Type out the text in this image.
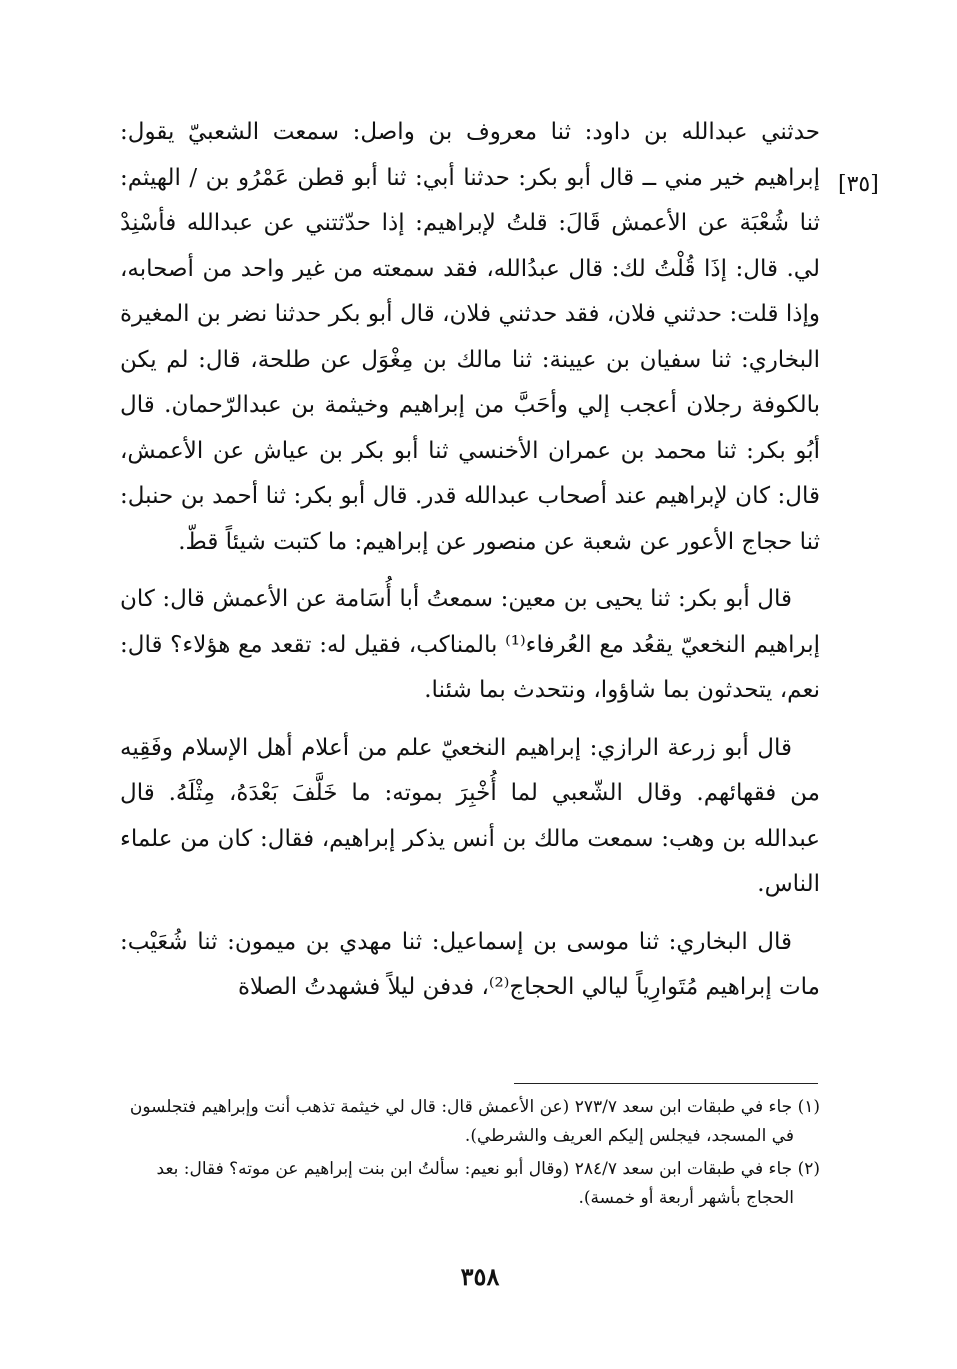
[٣٥]

حدثني عبدالله بن داود: ثنا معروف بن واصل: سمعت الشعبيّ يقول: إبراهيم خير مني ــ قال أبو بكر: حدثنا أبي: ثنا أبو قطن عَمْرُو بن / الهيثم: ثنا شُعْبَة عن الأعمش قَالَ: قلتُ لإبراهيم: إذا حدّثتني عن عبدالله فأسْنِدْ لي. قال: إذَا قُلْتُ لك: قال عبدُالله، فقد سمعته من غير واحد من أصحابه، وإذا قلت: حدثني فلان، فقد حدثني فلان، قال أبو بكر حدثنا نضر بن المغيرة البخاري: ثنا سفيان بن عيينة: ثنا مالك بن مِغْوَل عن طلحة، قال: لم يكن بالكوفة رجلان أعجب إلي وأحَبَّ من إبراهيم وخيثمة بن عبدالرّحمان. قال أبُو بكر: ثنا محمد بن عمران الأخنسي ثنا أبو بكر بن عياش عن الأعمش، قال: كان لإبراهيم عند أصحاب عبدالله قدر. قال أبو بكر: ثنا أحمد بن حنبل: ثنا حجاج الأعور عن شعبة عن منصور عن إبراهيم: ما كتبت شيئاً قطّ.

قال أبو بكر: ثنا يحيى بن معين: سمعتُ أبا أُسَامة عن الأعمش قال: كان إبراهيم النخعيّ يقعُد مع العُرفاء⁽¹⁾ بالمناكب، فقيل له: تقعد مع هؤلاء؟ قال: نعم، يتحدثون بما شاؤوا، ونتحدث بما شئنا.

قال أبو زرعة الرازي: إبراهيم النخعيّ علم من أعلام أهل الإسلام وفَقِيه من فقهائهم. وقال الشّعبي لما أُخْبِرَ بموته: ما خَلَّفَ بَعْدَهُ، مِثْلَهُ. قال عبدالله بن وهب: سمعت مالك بن أنس يذكر إبراهيم، فقال: كان من علماء الناس.

قال البخاري: ثنا موسى بن إسماعيل: ثنا مهدي بن ميمون: ثنا شُعَيْب: مات إبراهيم مُتَوارِياً ليالي الحجاج⁽²⁾، فدفن ليلاً فشهدتُ الصلاة

(١) جاء في طبقات ابن سعد ٢٧٣/٧ (عن الأعمش قال: قال لي خيثمة تذهب أنت وإبراهيم فتجلسون في المسجد، فيجلس إليكم العريف والشرطي).

(٢) جاء في طبقات ابن سعد ٢٨٤/٧ (وقال أبو نعيم: سألتُ ابن بنت إبراهيم عن موته؟ فقال: بعد الحجاج بأشهر أربعة أو خمسة).

٣٥٨
